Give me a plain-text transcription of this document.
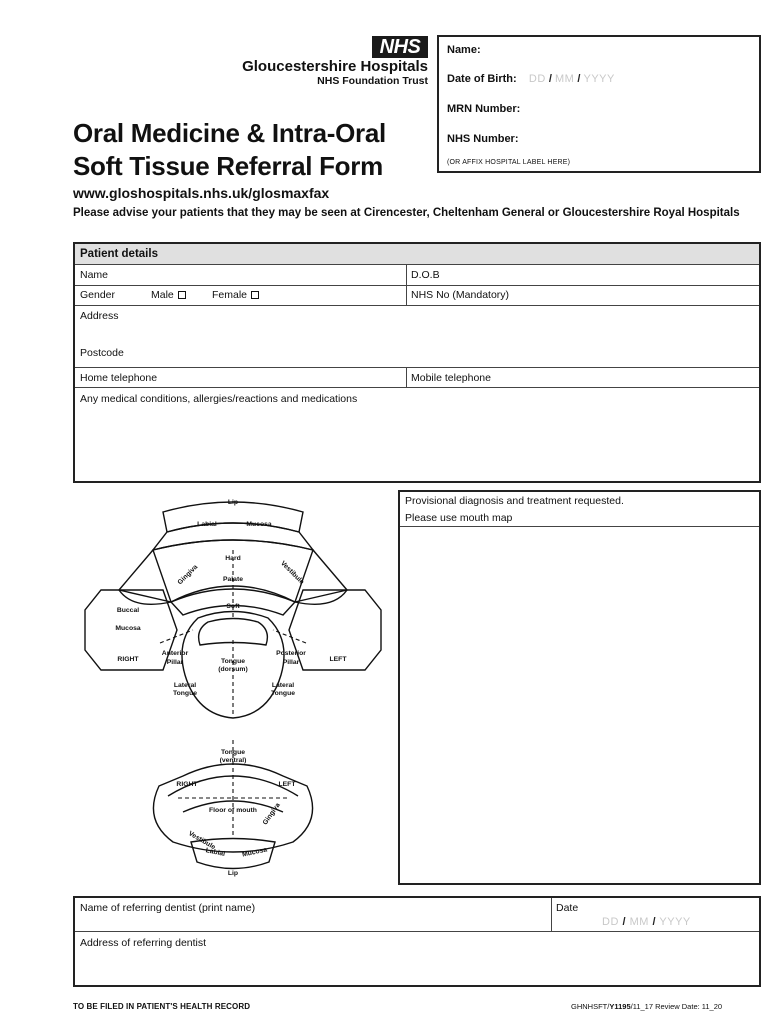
NHS
Gloucestershire Hospitals
NHS Foundation Trust
Name:
Date of Birth: DD / MM / YYYY
MRN Number:
NHS Number:
(OR AFFIX HOSPITAL LABEL HERE)
Oral Medicine & Intra-Oral
Soft Tissue Referral Form
www.gloshospitals.nhs.uk/glosmaxfax
Please advise your patients that they may be seen at Cirencester, Cheltenham General or Gloucestershire Royal Hospitals
Patient details
Name	D.O.B
Gender	Male	Female	NHS No (Mandatory)
Address
Postcode
Home telephone	Mobile telephone
Any medical conditions, allergies/reactions and medications
Lip
Labial	Mucosa
Hard
Palate
Soft
Gingiva	Vestibule
Buccal
Mucosa
RIGHT	LEFT
Anterior
Pillar
Posterior
Pillar
Tongue
(dorsum)
Lateral
Tongue
Lateral
Tongue
Tongue
(ventral)
RIGHT	LEFT
Floor of mouth Gingiva
Vestibule
Labial Mucosa
Lip
Provisional diagnosis and treatment requested.
Please use mouth map
Name of referring dentist (print name)	Date
DD / MM / YYYY
Address of referring dentist
TO BE FILED IN PATIENT'S HEALTH RECORD	GHNHSFT/Y1195/11_17 Review Date: 11_20
